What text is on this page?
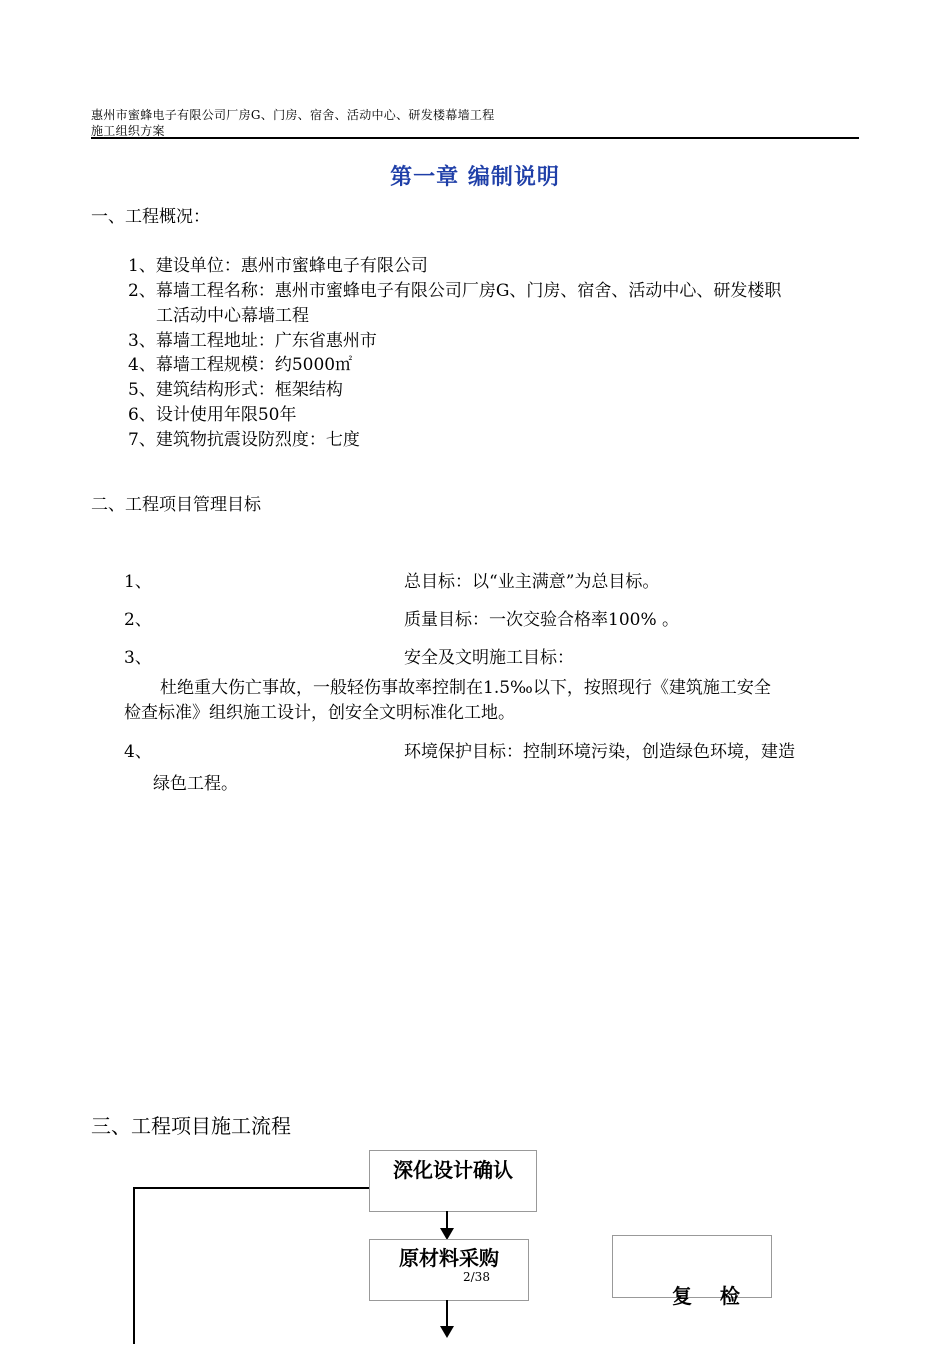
惠州市蜜蜂电子有限公司厂房G、门房、宿舍、活动中心、研发楼幕墙工程
施工组织方案
第一章 编制说明
一、工程概况：
1、建设单位：惠州市蜜蜂电子有限公司
2、幕墙工程名称：惠州市蜜蜂电子有限公司厂房G、门房、宿舍、活动中心、研发楼职
工活动中心幕墙工程
3、幕墙工程地址：广东省惠州市
4、幕墙工程规模：约5000㎡
5、建筑结构形式：框架结构
6、设计使用年限50年
7、建筑物抗震设防烈度：七度
二、工程项目管理目标
1、	总目标：以“业主满意”为总目标。
2、	质量目标：一次交验合格率100% 。
3、	安全及文明施工目标：
杜绝重大伤亡事故，一般轻伤事故率控制在1.5‰以下，按照现行《建筑施工安全
检查标准》组织施工设计，创安全文明标准化工地。
4、	环境保护目标：控制环境污染，创造绿色环境，建造
绿色工程。
三、工程项目施工流程
深化设计确认
原材料采购

复    检

2/38
